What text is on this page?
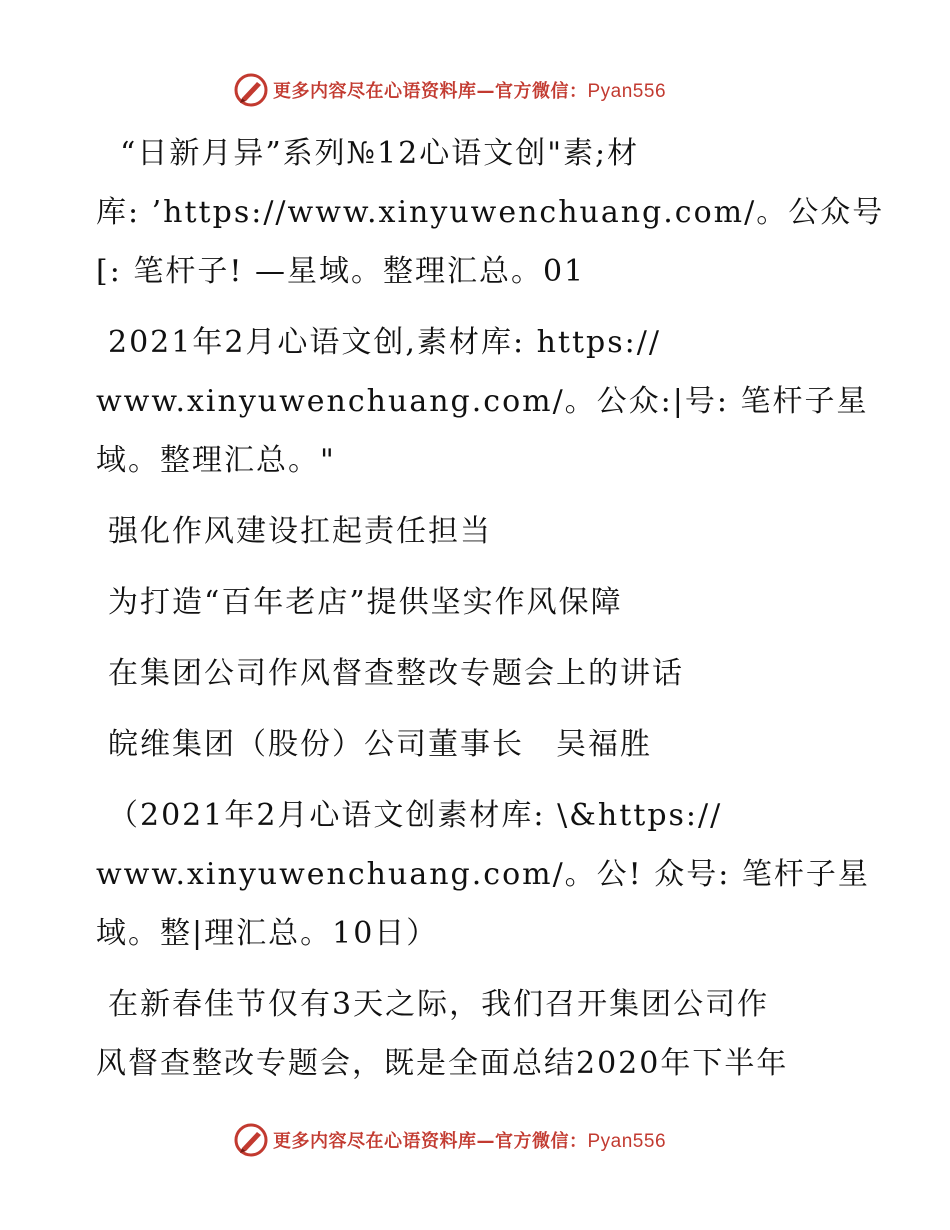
更多内容尽在心语资料库—官方微信：Pyan556

“日新月异”系列№12心语文创"素;材
库: ’https://www.xinyuwenchuang.com/。公众号
[: 笔杆子! —星域。整理汇总。01

2021年2月心语文创,素材库: https://
www.xinyuwenchuang.com/。公众:|号: 笔杆子星
域。整理汇总。"

强化作风建设扛起责任担当

为打造“百年老店”提供坚实作风保障

在集团公司作风督查整改专题会上的讲话

皖维集团（股份）公司董事长　吴福胜

（2021年2月心语文创素材库: \&https://
www.xinyuwenchuang.com/。公! 众号: 笔杆子星
域。整|理汇总。10日）

在新春佳节仅有3天之际，我们召开集团公司作
风督查整改专题会，既是全面总结2020年下半年

更多内容尽在心语资料库—官方微信：Pyan556
